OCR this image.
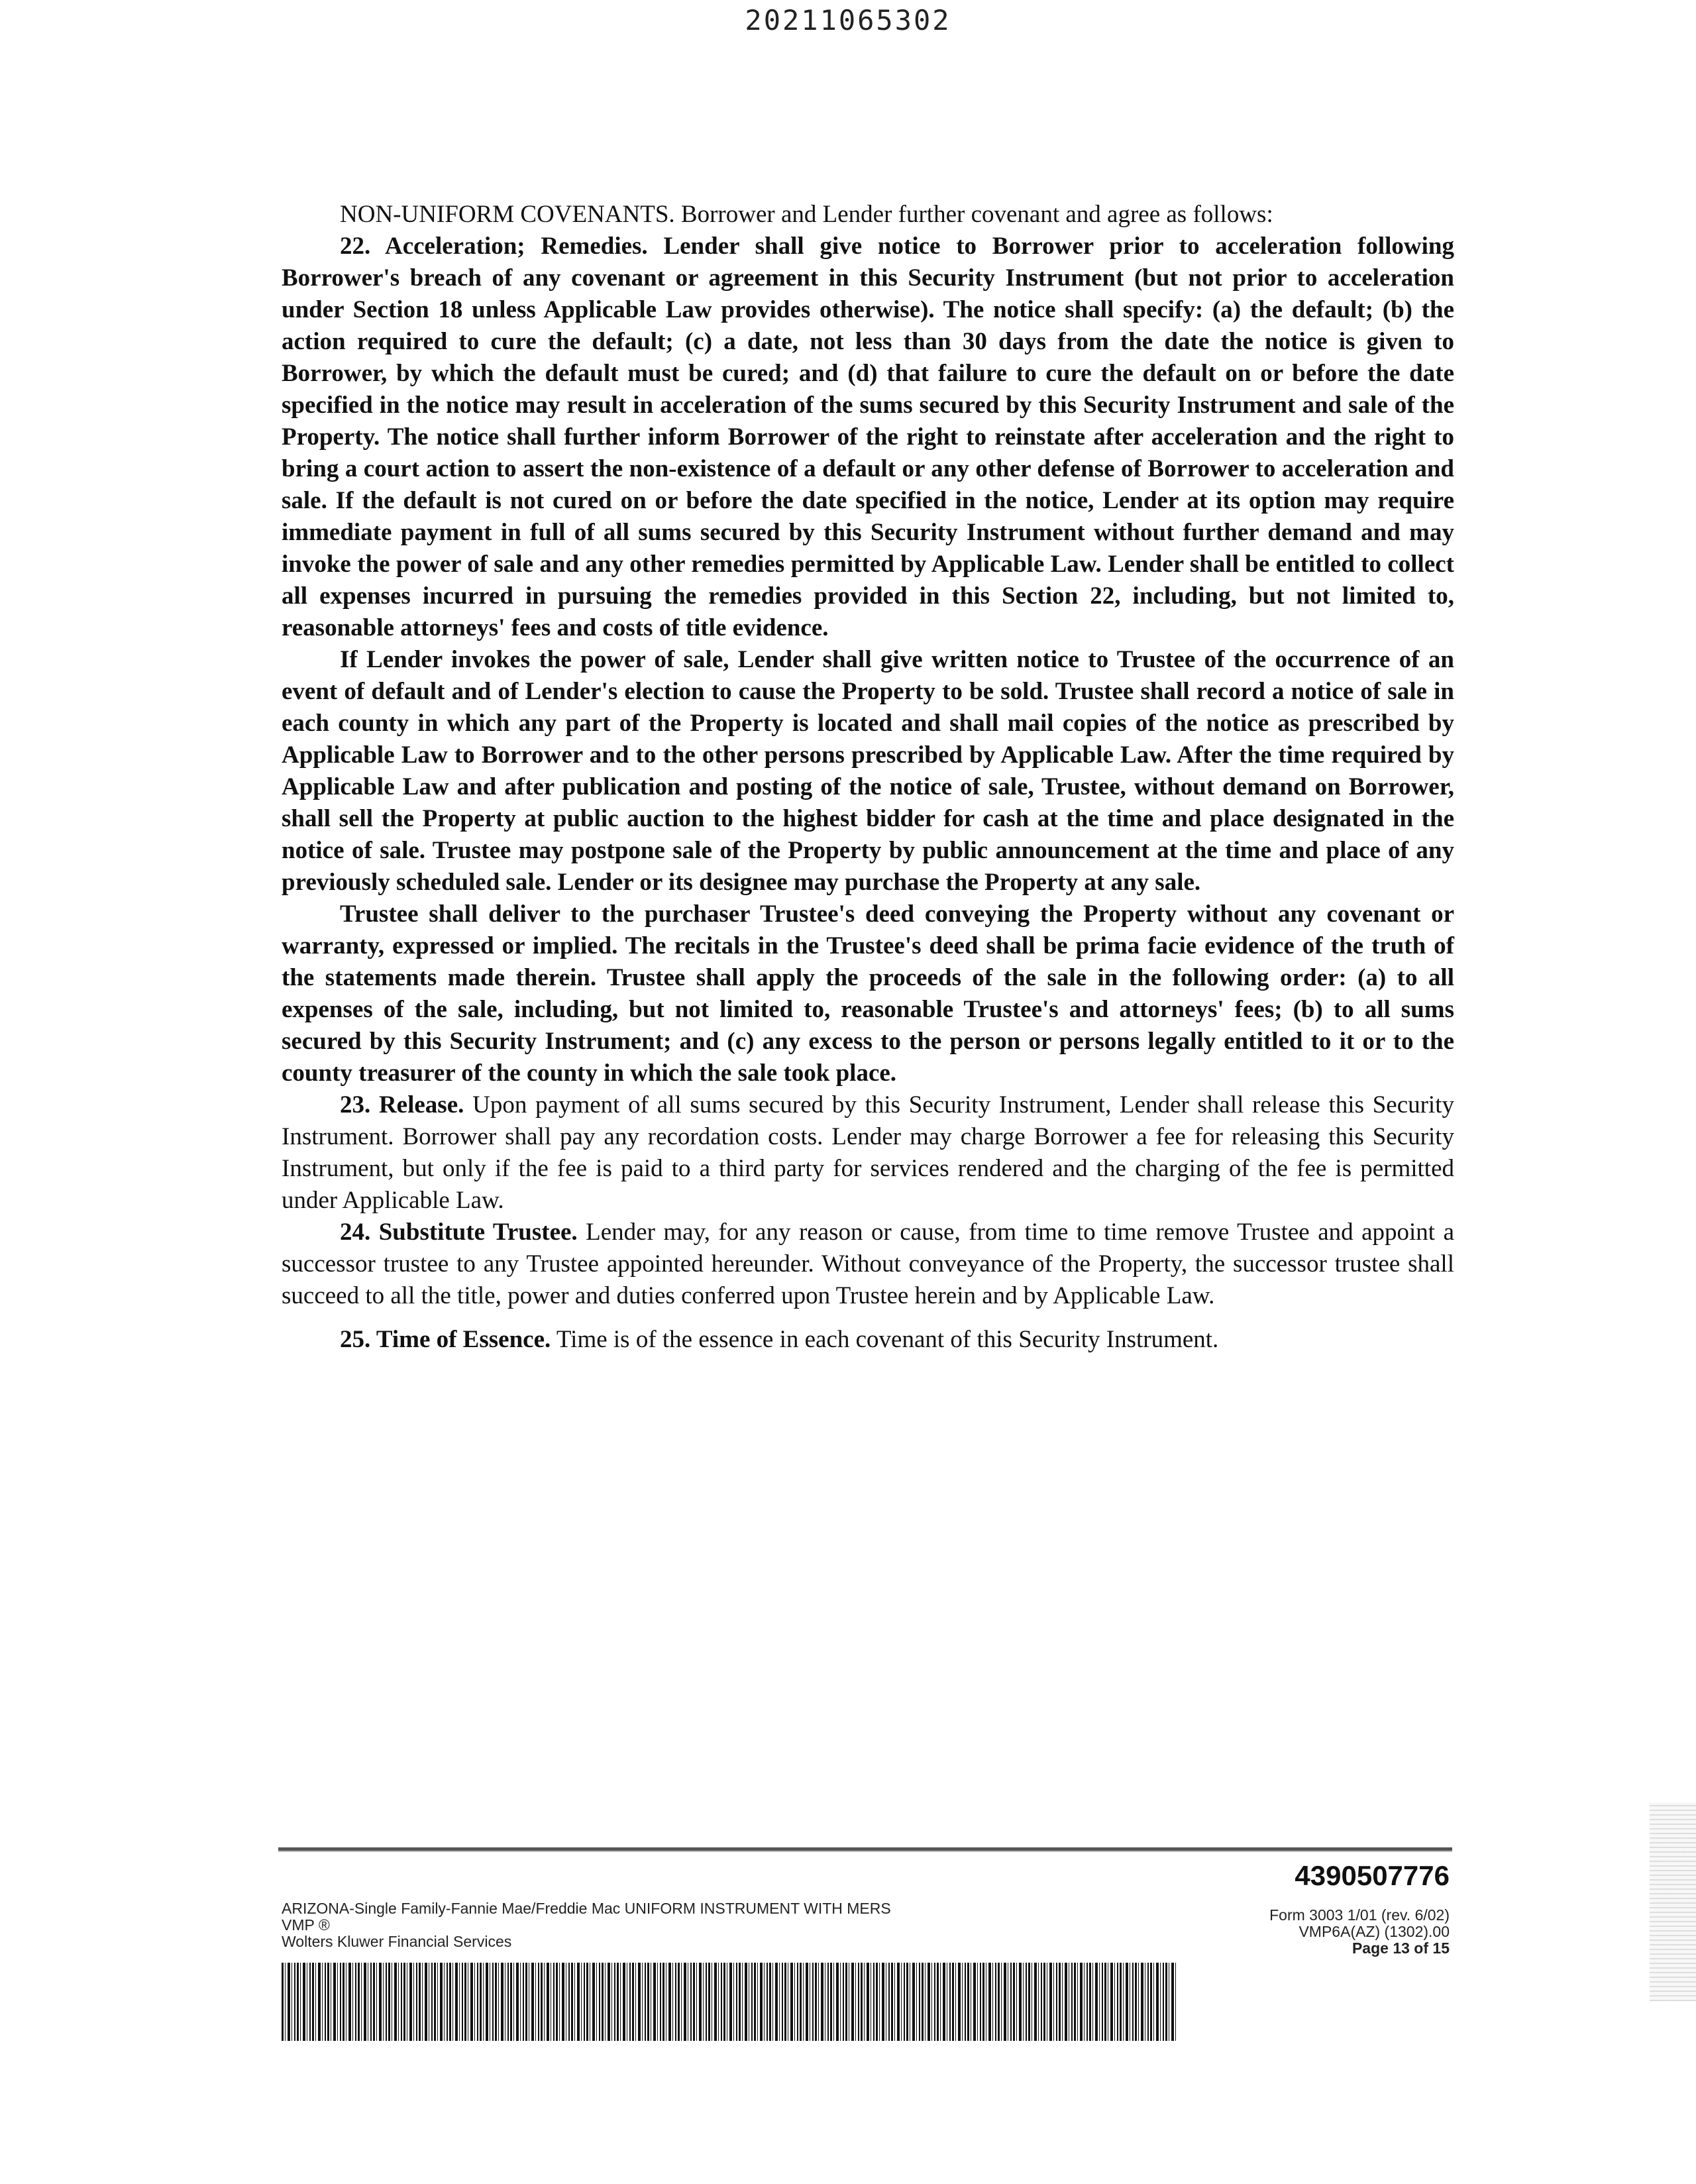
20211065302

NON-UNIFORM COVENANTS. Borrower and Lender further covenant and agree as follows:

22. Acceleration; Remedies. Lender shall give notice to Borrower prior to acceleration following Borrower's breach of any covenant or agreement in this Security Instrument (but not prior to acceleration under Section 18 unless Applicable Law provides otherwise). The notice shall specify: (a) the default; (b) the action required to cure the default; (c) a date, not less than 30 days from the date the notice is given to Borrower, by which the default must be cured; and (d) that failure to cure the default on or before the date specified in the notice may result in acceleration of the sums secured by this Security Instrument and sale of the Property. The notice shall further inform Borrower of the right to reinstate after acceleration and the right to bring a court action to assert the non-existence of a default or any other defense of Borrower to acceleration and sale. If the default is not cured on or before the date specified in the notice, Lender at its option may require immediate payment in full of all sums secured by this Security Instrument without further demand and may invoke the power of sale and any other remedies permitted by Applicable Law. Lender shall be entitled to collect all expenses incurred in pursuing the remedies provided in this Section 22, including, but not limited to, reasonable attorneys' fees and costs of title evidence.

If Lender invokes the power of sale, Lender shall give written notice to Trustee of the occurrence of an event of default and of Lender's election to cause the Property to be sold. Trustee shall record a notice of sale in each county in which any part of the Property is located and shall mail copies of the notice as prescribed by Applicable Law to Borrower and to the other persons prescribed by Applicable Law. After the time required by Applicable Law and after publication and posting of the notice of sale, Trustee, without demand on Borrower, shall sell the Property at public auction to the highest bidder for cash at the time and place designated in the notice of sale. Trustee may postpone sale of the Property by public announcement at the time and place of any previously scheduled sale. Lender or its designee may purchase the Property at any sale.

Trustee shall deliver to the purchaser Trustee's deed conveying the Property without any covenant or warranty, expressed or implied. The recitals in the Trustee's deed shall be prima facie evidence of the truth of the statements made therein. Trustee shall apply the proceeds of the sale in the following order: (a) to all expenses of the sale, including, but not limited to, reasonable Trustee's and attorneys' fees; (b) to all sums secured by this Security Instrument; and (c) any excess to the person or persons legally entitled to it or to the county treasurer of the county in which the sale took place.

23. Release. Upon payment of all sums secured by this Security Instrument, Lender shall release this Security Instrument. Borrower shall pay any recordation costs. Lender may charge Borrower a fee for releasing this Security Instrument, but only if the fee is paid to a third party for services rendered and the charging of the fee is permitted under Applicable Law.

24. Substitute Trustee. Lender may, for any reason or cause, from time to time remove Trustee and appoint a successor trustee to any Trustee appointed hereunder. Without conveyance of the Property, the successor trustee shall succeed to all the title, power and duties conferred upon Trustee herein and by Applicable Law.

25. Time of Essence. Time is of the essence in each covenant of this Security Instrument.

4390507776
ARIZONA-Single Family-Fannie Mae/Freddie Mac UNIFORM INSTRUMENT WITH MERS
VMP ®
Wolters Kluwer Financial Services
Form 3003 1/01 (rev. 6/02)
VMP6A(AZ) (1302).00
Page 13 of 15
